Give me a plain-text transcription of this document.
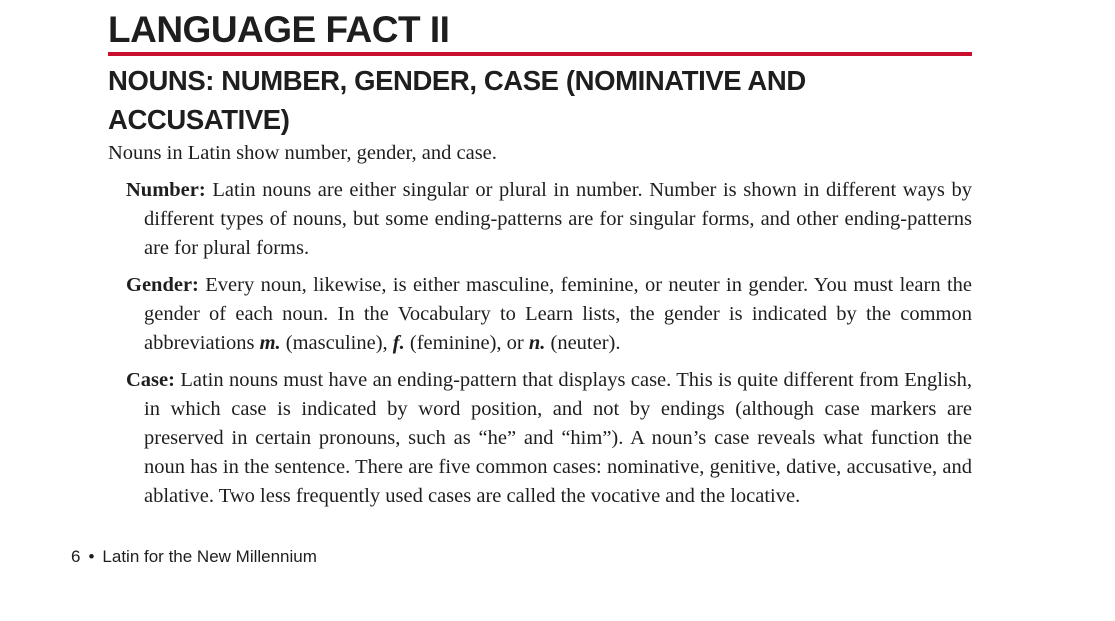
LANGUAGE FACT II
NOUNS: NUMBER, GENDER, CASE (NOMINATIVE AND ACCUSATIVE)

Nouns in Latin show number, gender, and case.

Number: Latin nouns are either singular or plural in number. Number is shown in different ways by different types of nouns, but some ending-patterns are for singular forms, and other ending-patterns are for plural forms.

Gender: Every noun, likewise, is either masculine, feminine, or neuter in gender. You must learn the gender of each noun. In the Vocabulary to Learn lists, the gender is indicated by the common abbreviations m. (masculine), f. (feminine), or n. (neuter).

Case: Latin nouns must have an ending-pattern that displays case. This is quite different from English, in which case is indicated by word position, and not by endings (although case markers are preserved in certain pronouns, such as “he” and “him”). A noun’s case reveals what function the noun has in the sentence. There are five common cases: nominative, genitive, dative, accusative, and ablative. Two less frequently used cases are called the vocative and the locative.

6 • Latin for the New Millennium
